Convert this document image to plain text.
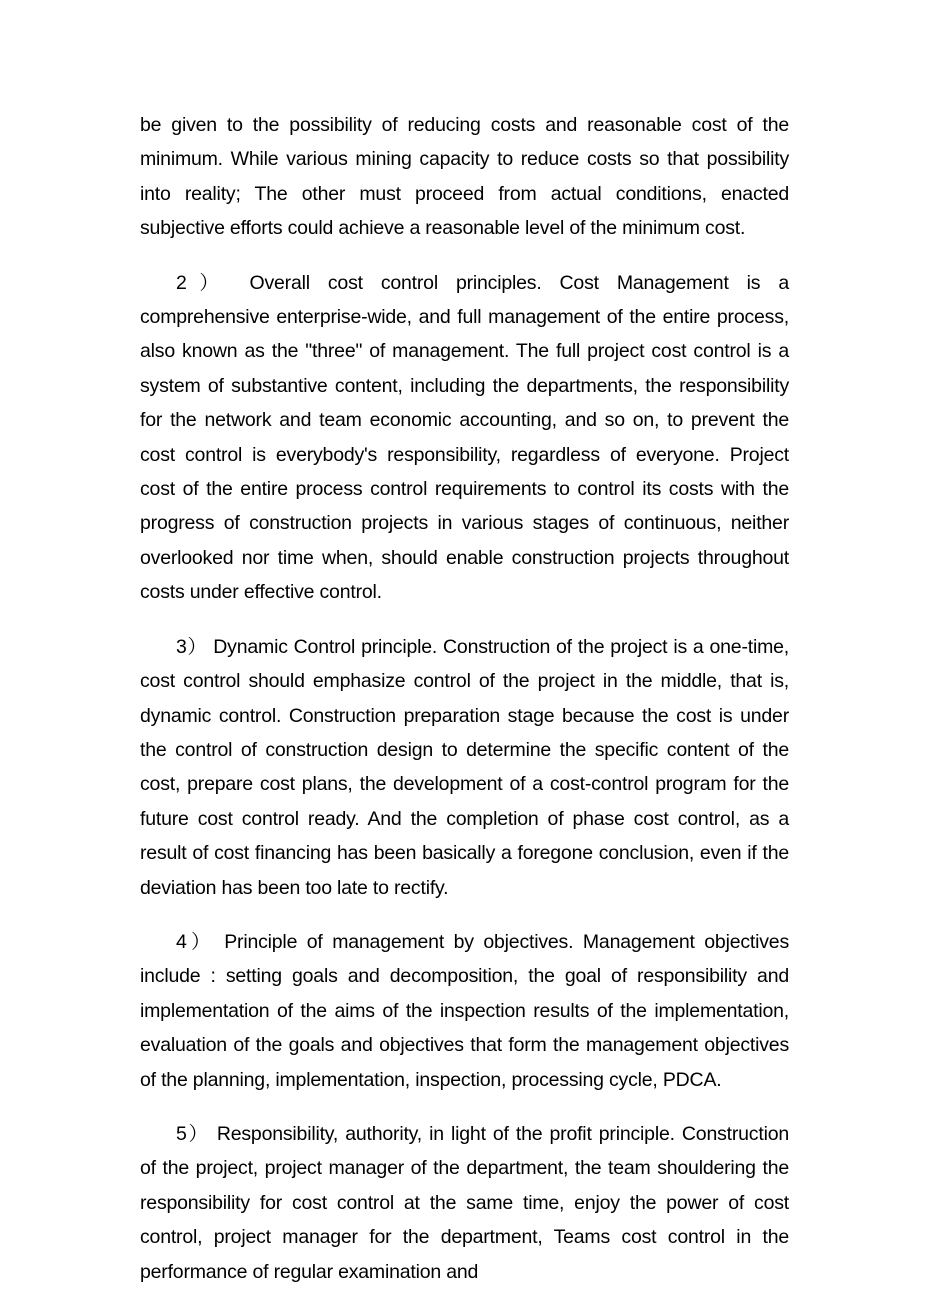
be given to the possibility of reducing costs and reasonable cost of the minimum. While various mining capacity to reduce costs so that possibility into reality; The other must proceed from actual conditions, enacted subjective efforts could achieve a reasonable level of the minimum cost.

2） Overall cost control principles. Cost Management is a comprehensive enterprise-wide, and full management of the entire process, also known as the "three" of management. The full project cost control is a system of substantive content, including the departments, the responsibility for the network and team economic accounting, and so on, to prevent the cost control is everybody's responsibility, regardless of everyone. Project cost of the entire process control requirements to control its costs with the progress of construction projects in various stages of continuous, neither overlooked nor time when, should enable construction projects throughout costs under effective control.

3） Dynamic Control principle. Construction of the project is a one-time, cost control should emphasize control of the project in the middle, that is, dynamic control. Construction preparation stage because the cost is under the control of construction design to determine the specific content of the cost, prepare cost plans, the development of a cost-control program for the future cost control ready. And the completion of phase cost control, as a result of cost financing has been basically a foregone conclusion, even if the deviation has been too late to rectify.

4） Principle of management by objectives. Management objectives include : setting goals and decomposition, the goal of responsibility and implementation of the aims of the inspection results of the implementation, evaluation of the goals and objectives that form the management objectives of the planning, implementation, inspection, processing cycle, PDCA.

5） Responsibility, authority, in light of the profit principle. Construction of the project, project manager of the department, the team shouldering the responsibility for cost control at the same time, enjoy the power of cost control, project manager for the department, Teams cost control in the performance of regular examination and
